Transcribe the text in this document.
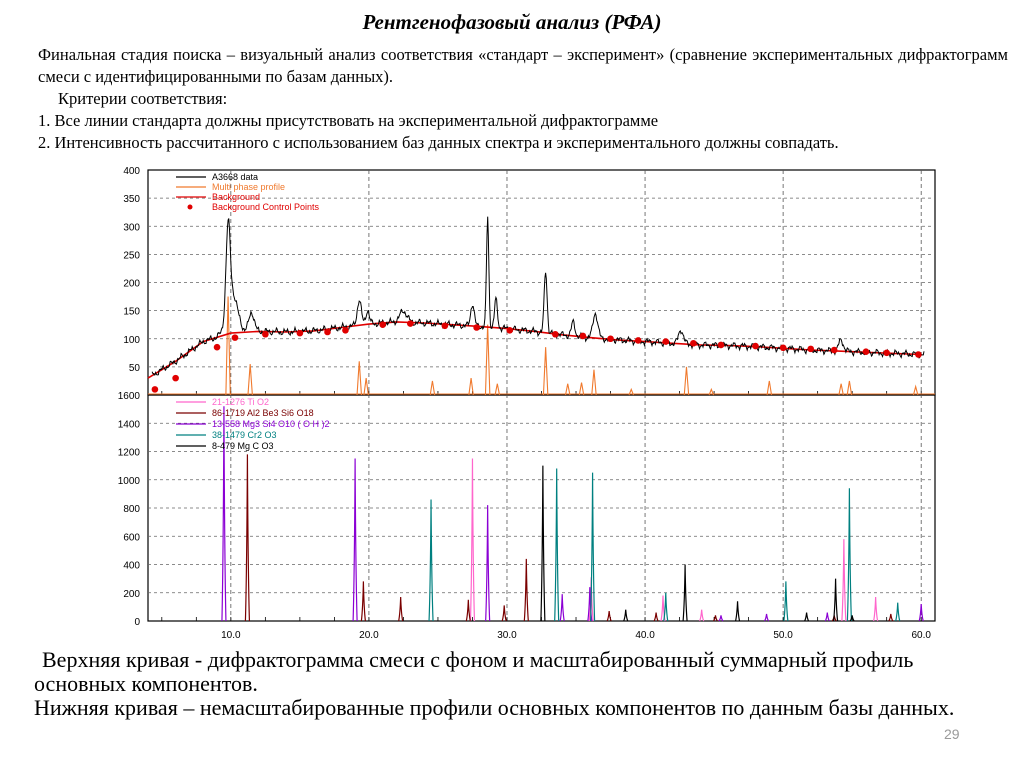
Рентгенофазовый анализ (РФА)

Финальная стадия поиска – визуальный анализ соответствия «стандарт – эксперимент» (сравнение экспериментальных дифрактограмм смеси с идентифицированными по базам данных).

Критерии соответствия:

1. Все линии стандарта должны присутствовать на экспериментальной дифрактограмме

2. Интенсивность рассчитанного с использованием баз данных спектра и экспериментального должны совпадать.

50
100
150
200
250
300
350
400
0
200
400
600
800
1000
1200
1400
1600
10.0	20.0	30.0	40.0	50.0	60.0
A3668 data
Multi phase profile
Background
Background Control Points
21-1276 Ti O2
86-1719 Al2 Be3 Si6 O18
13-558 Mg3 Si4 O10 ( O H )2
38-1479 Cr2 O3
8-479 Mg C O3

Верхняя кривая - дифрактограмма смеси с фоном и масштабированный суммарный профиль основных компонентов.

Нижняя кривая – немасштабированные профили основных компонентов по данным базы данных.

29
